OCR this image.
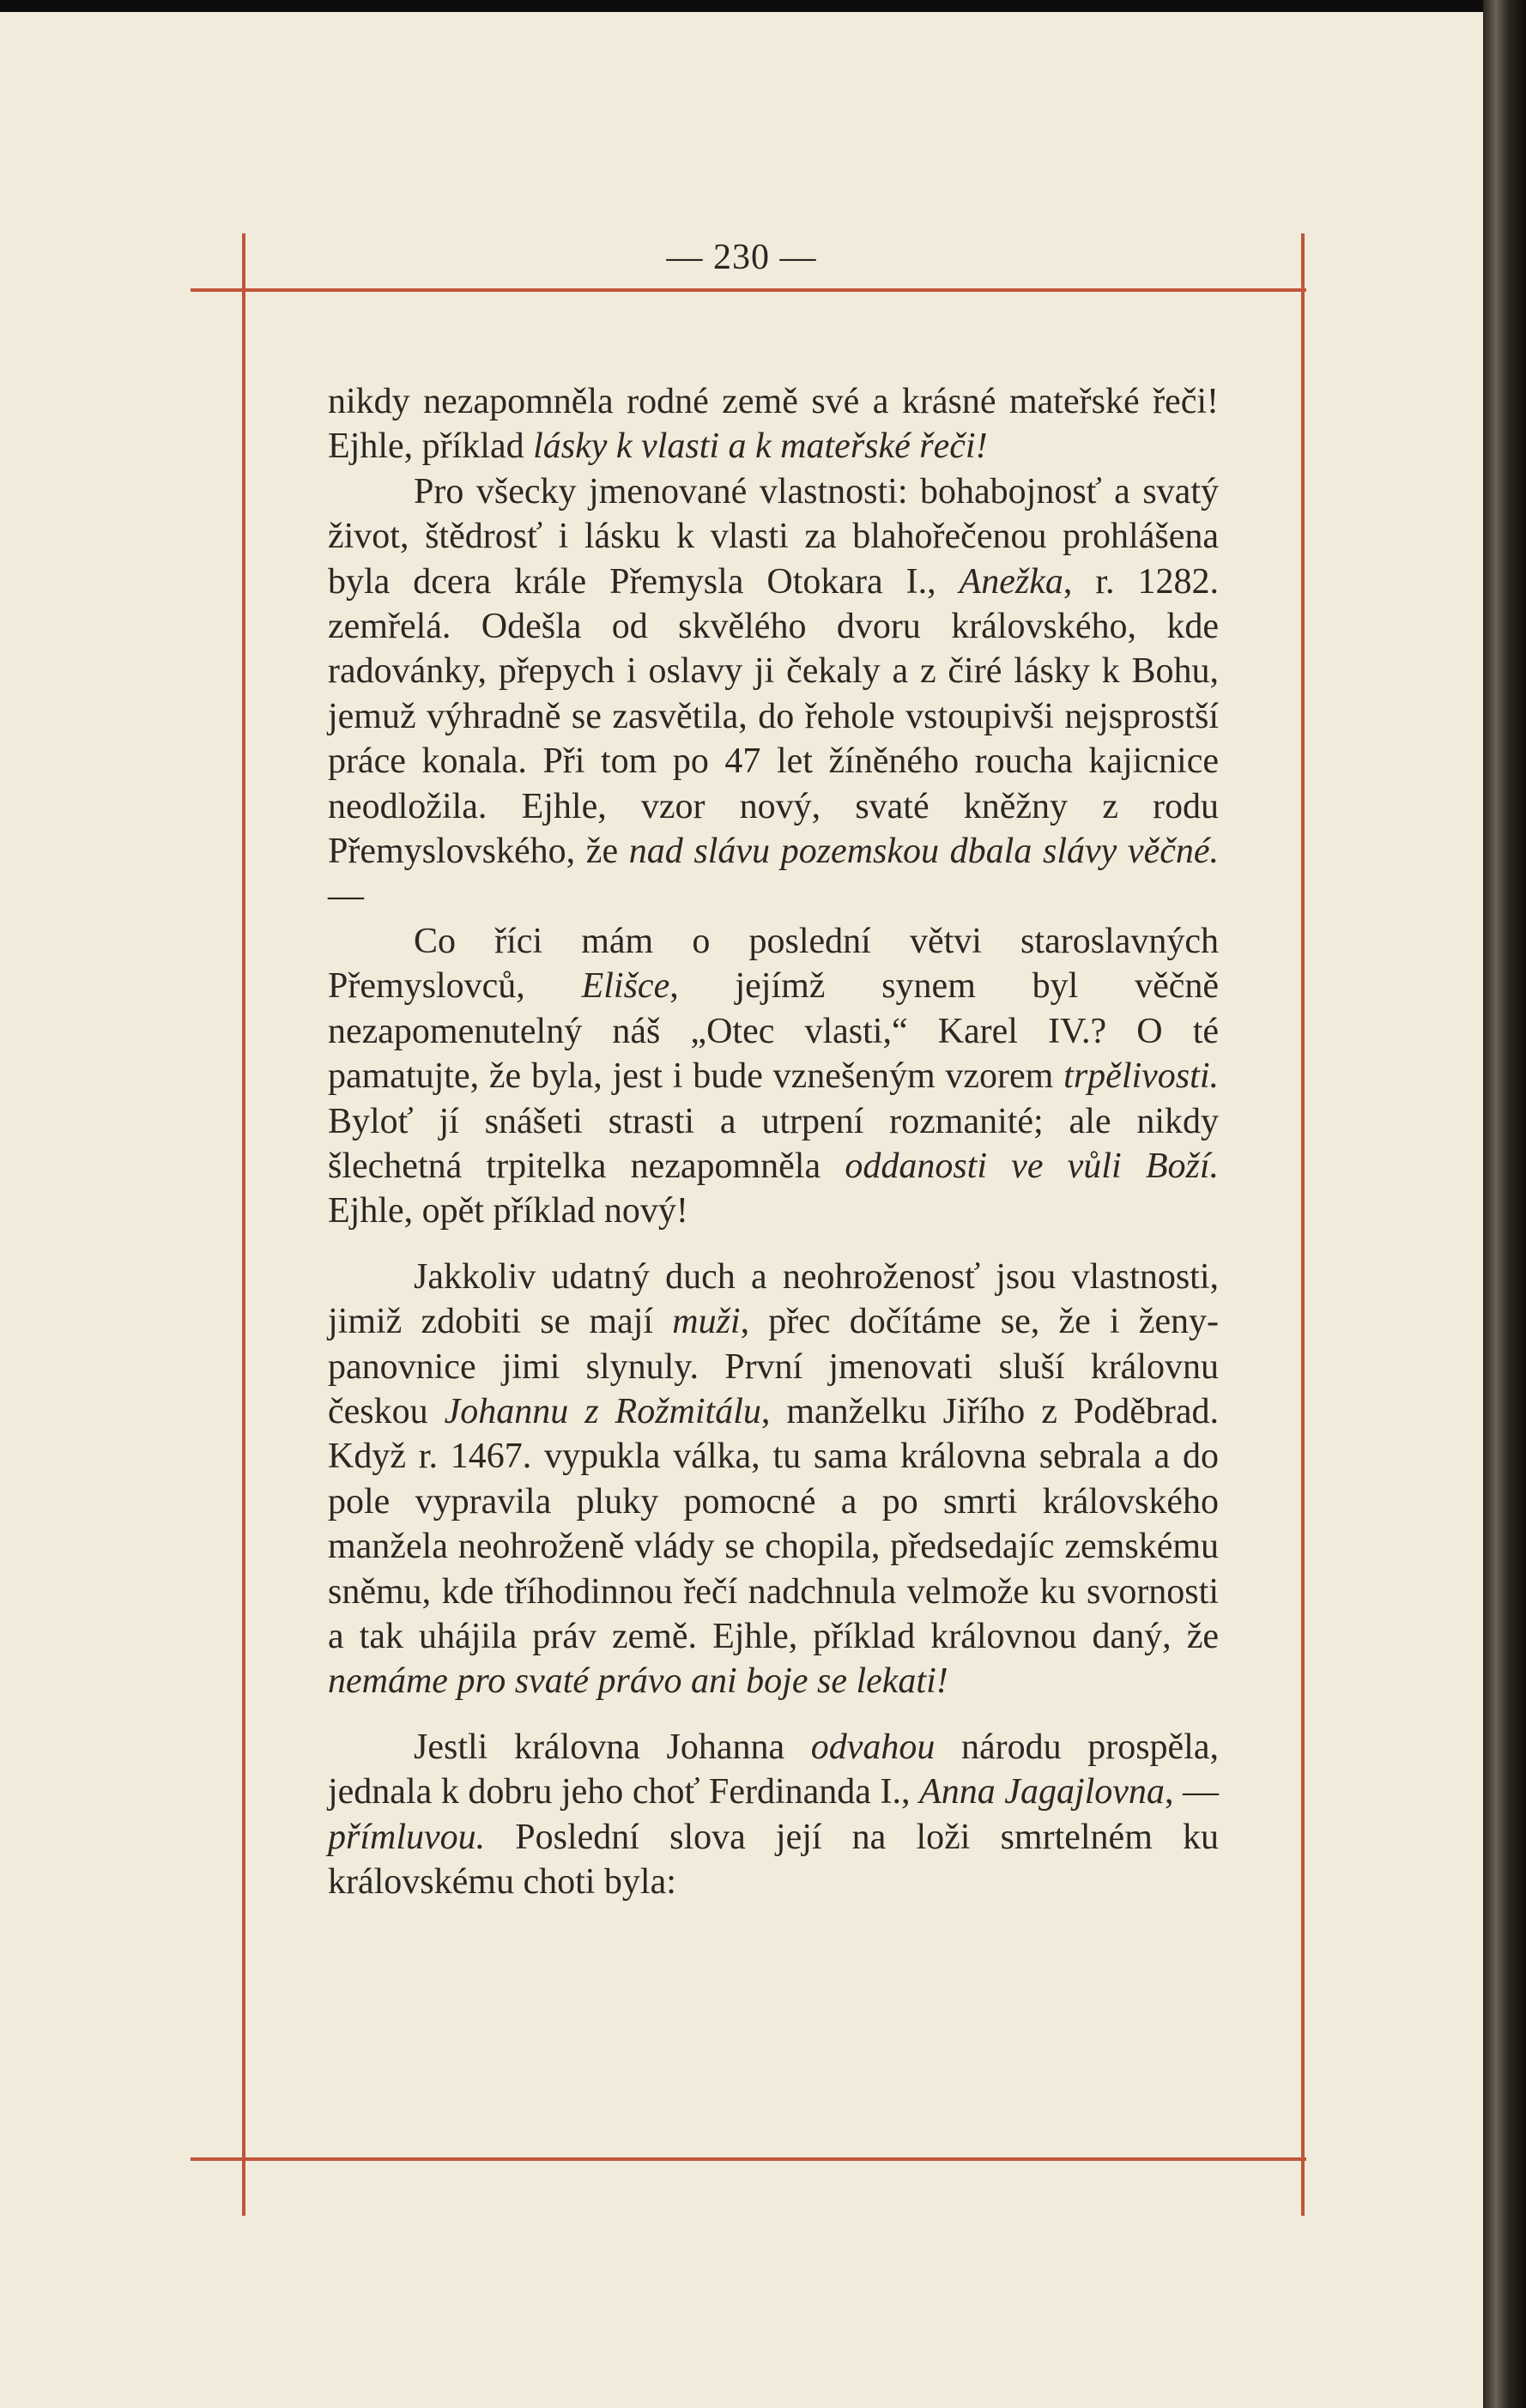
— 230 —

nikdy nezapomněla rodné země své a krásné mateřské řeči! Ejhle, příklad lásky k vlasti a k mateřské řeči!

Pro všecky jmenované vlastnosti: bohabojnosť a svatý život, štědrosť i lásku k vlasti za blahořečenou prohlášena byla dcera krále Přemysla Otokara I., Anežka, r. 1282. zemřelá. Odešla od skvělého dvoru královského, kde radovánky, přepych i oslavy ji čekaly a z čiré lásky k Bohu, jemuž výhradně se zasvětila, do řehole vstoupivši nejsprostší práce konala. Při tom po 47 let žíněného roucha kajicnice neodložila. Ejhle, vzor nový, svaté kněžny z rodu Přemyslovského, že nad slávu pozemskou dbala slávy věčné. —

Co říci mám o poslední větvi staroslavných Přemyslovců, Elišce, jejímž synem byl věčně nezapomenutelný náš „Otec vlasti,“ Karel IV.? O té pamatujte, že byla, jest i bude vznešeným vzorem trpělivosti. Byloť jí snášeti strasti a utrpení rozmanité; ale nikdy šlechetná trpitelka nezapomněla oddanosti ve vůli Boží. Ejhle, opět příklad nový!

Jakkoliv udatný duch a neohroženosť jsou vlastnosti, jimiž zdobiti se mají muži, přec dočítáme se, že i ženy-panovnice jimi slynuly. První jmenovati sluší královnu českou Johannu z Rožmitálu, manželku Jiřího z Poděbrad. Když r. 1467. vypukla válka, tu sama královna sebrala a do pole vypravila pluky pomocné a po smrti královského manžela neohroženě vlády se chopila, předsedajíc zemskému sněmu, kde tříhodinnou řečí nadchnula velmože ku svornosti a tak uhájila práv země. Ejhle, příklad královnou daný, že nemáme pro svaté právo ani boje se lekati!

Jestli královna Johanna odvahou národu prospěla, jednala k dobru jeho choť Ferdinanda I., Anna Jagajlovna, — přímluvou. Poslední slova její na loži smrtelném ku královskému choti byla:
